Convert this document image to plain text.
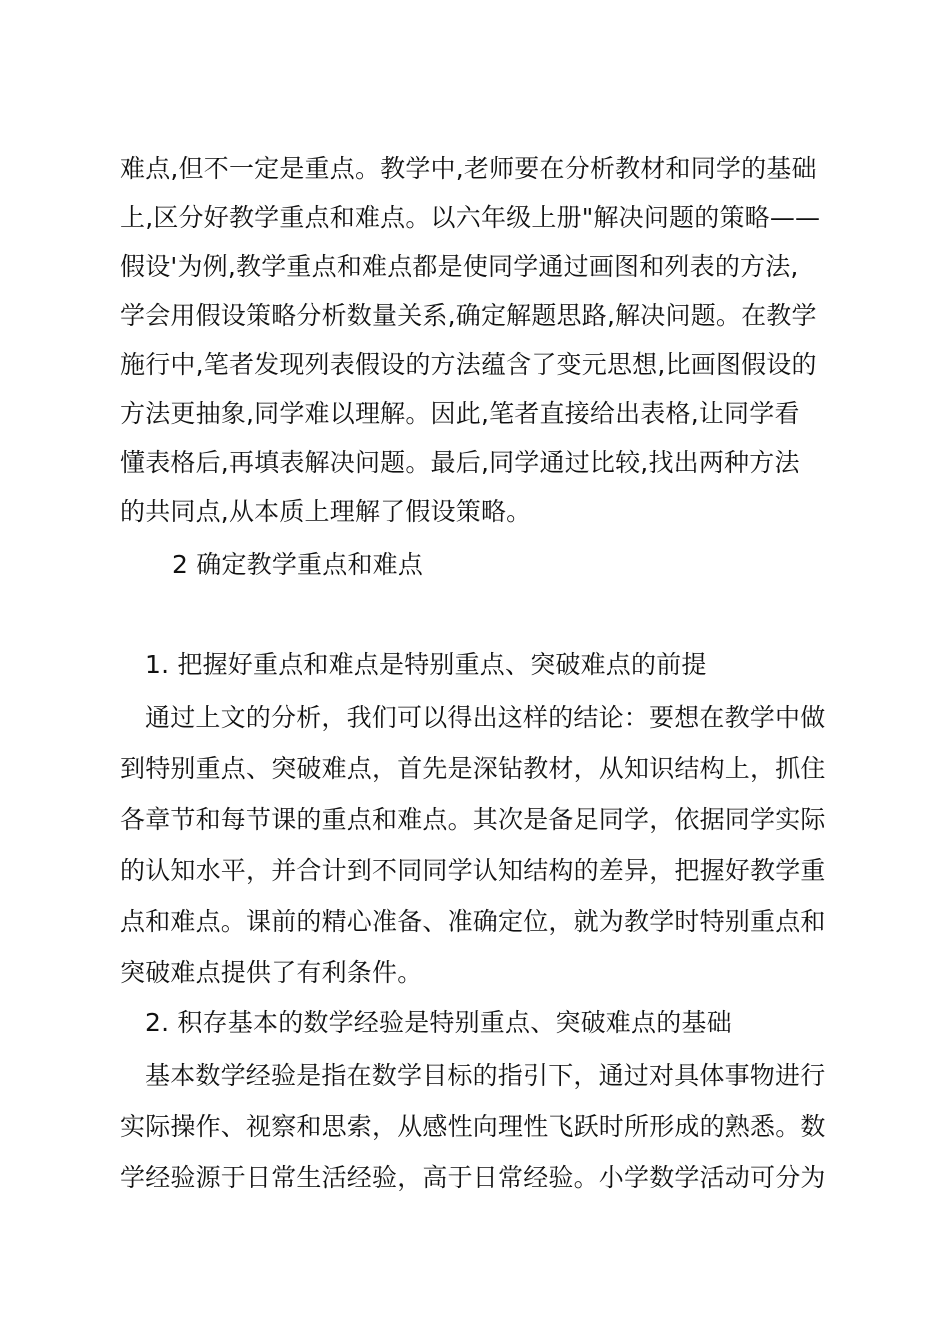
难点,但不一定是重点。教学中,老师要在分析教材和同学的基础
上,区分好教学重点和难点。以六年级上册"解决问题的策略——
假设'为例,教学重点和难点都是使同学通过画图和列表的方法,
学会用假设策略分析数量关系,确定解题思路,解决问题。在教学
施行中,笔者发现列表假设的方法蕴含了变元思想,比画图假设的
方法更抽象,同学难以理解。因此,笔者直接给出表格,让同学看
懂表格后,再填表解决问题。最后,同学通过比较,找出两种方法
的共同点,从本质上理解了假设策略。
2 确定教学重点和难点
1. 把握好重点和难点是特别重点、突破难点的前提
通过上文的分析，我们可以得出这样的结论：要想在教学中做
到特别重点、突破难点，首先是深钻教材，从知识结构上，抓住
各章节和每节课的重点和难点。其次是备足同学，依据同学实际
的认知水平，并合计到不同同学认知结构的差异，把握好教学重
点和难点。课前的精心准备、准确定位，就为教学时特别重点和
突破难点提供了有利条件。
2. 积存基本的数学经验是特别重点、突破难点的基础
基本数学经验是指在数学目标的指引下，通过对具体事物进行
实际操作、视察和思索，从感性向理性飞跃时所形成的熟悉。数
学经验源于日常生活经验，高于日常经验。小学数学活动可分为
